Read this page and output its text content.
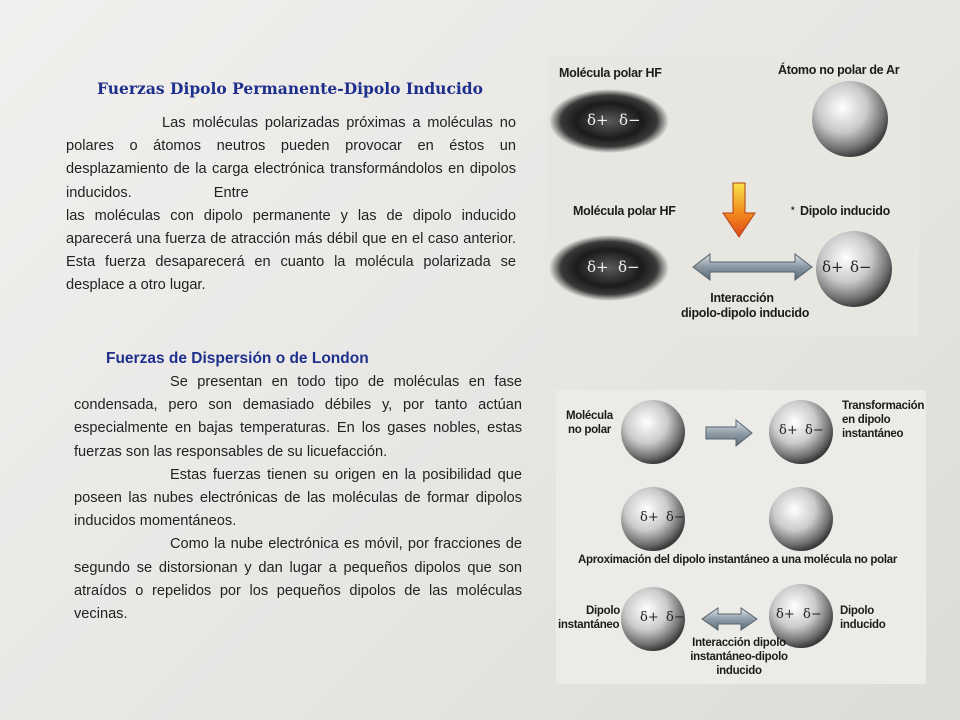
Fuerzas Dipolo Permanente-Dipolo Inducido
Las moléculas polarizadas próximas a moléculas no polares o átomos neutros pueden provocar en éstos un desplazamiento de la carga electrónica transformándolos en dipolos inducidos.	Entre
las moléculas con dipolo permanente y las de dipolo inducido aparecerá una fuerza de atracción más débil que en el caso anterior. Esta fuerza desaparecerá en cuanto la molécula polarizada se desplace a otro lugar.
Molécula polar HF	Átomo no polar de Ar
Molécula polar HF	* Dipolo inducido
Interacción
dipolo-dipolo inducido
δ+ δ−
δ+ δ−	δ+ δ−
Fuerzas de Dispersión o de London

Se presentan en todo tipo de moléculas en fase condensada, pero son demasiado débiles y, por tanto actúan especialmente en bajas temperaturas. En los gases nobles, estas fuerzas son las responsables de su licuefacción.

Estas fuerzas tienen su origen en la posibilidad que poseen las nubes electrónicas de las moléculas de formar dipolos inducidos momentáneos.

Como la nube electrónica es móvil, por fracciones de segundo se distorsionan y dan lugar a pequeños dipolos que son atraídos o repelidos por los pequeños dipolos de las moléculas vecinas.

Molécula
no polar
Transformación
en dipolo
instantáneo
Aproximación del dipolo instantáneo a una molécula no polar
Dipolo
instantáneo
Dipolo
inducido
Interacción dipolo
instantáneo-dipolo
inducido
δ+ δ−
δ+ δ−
δ+ δ−	δ+ δ−
